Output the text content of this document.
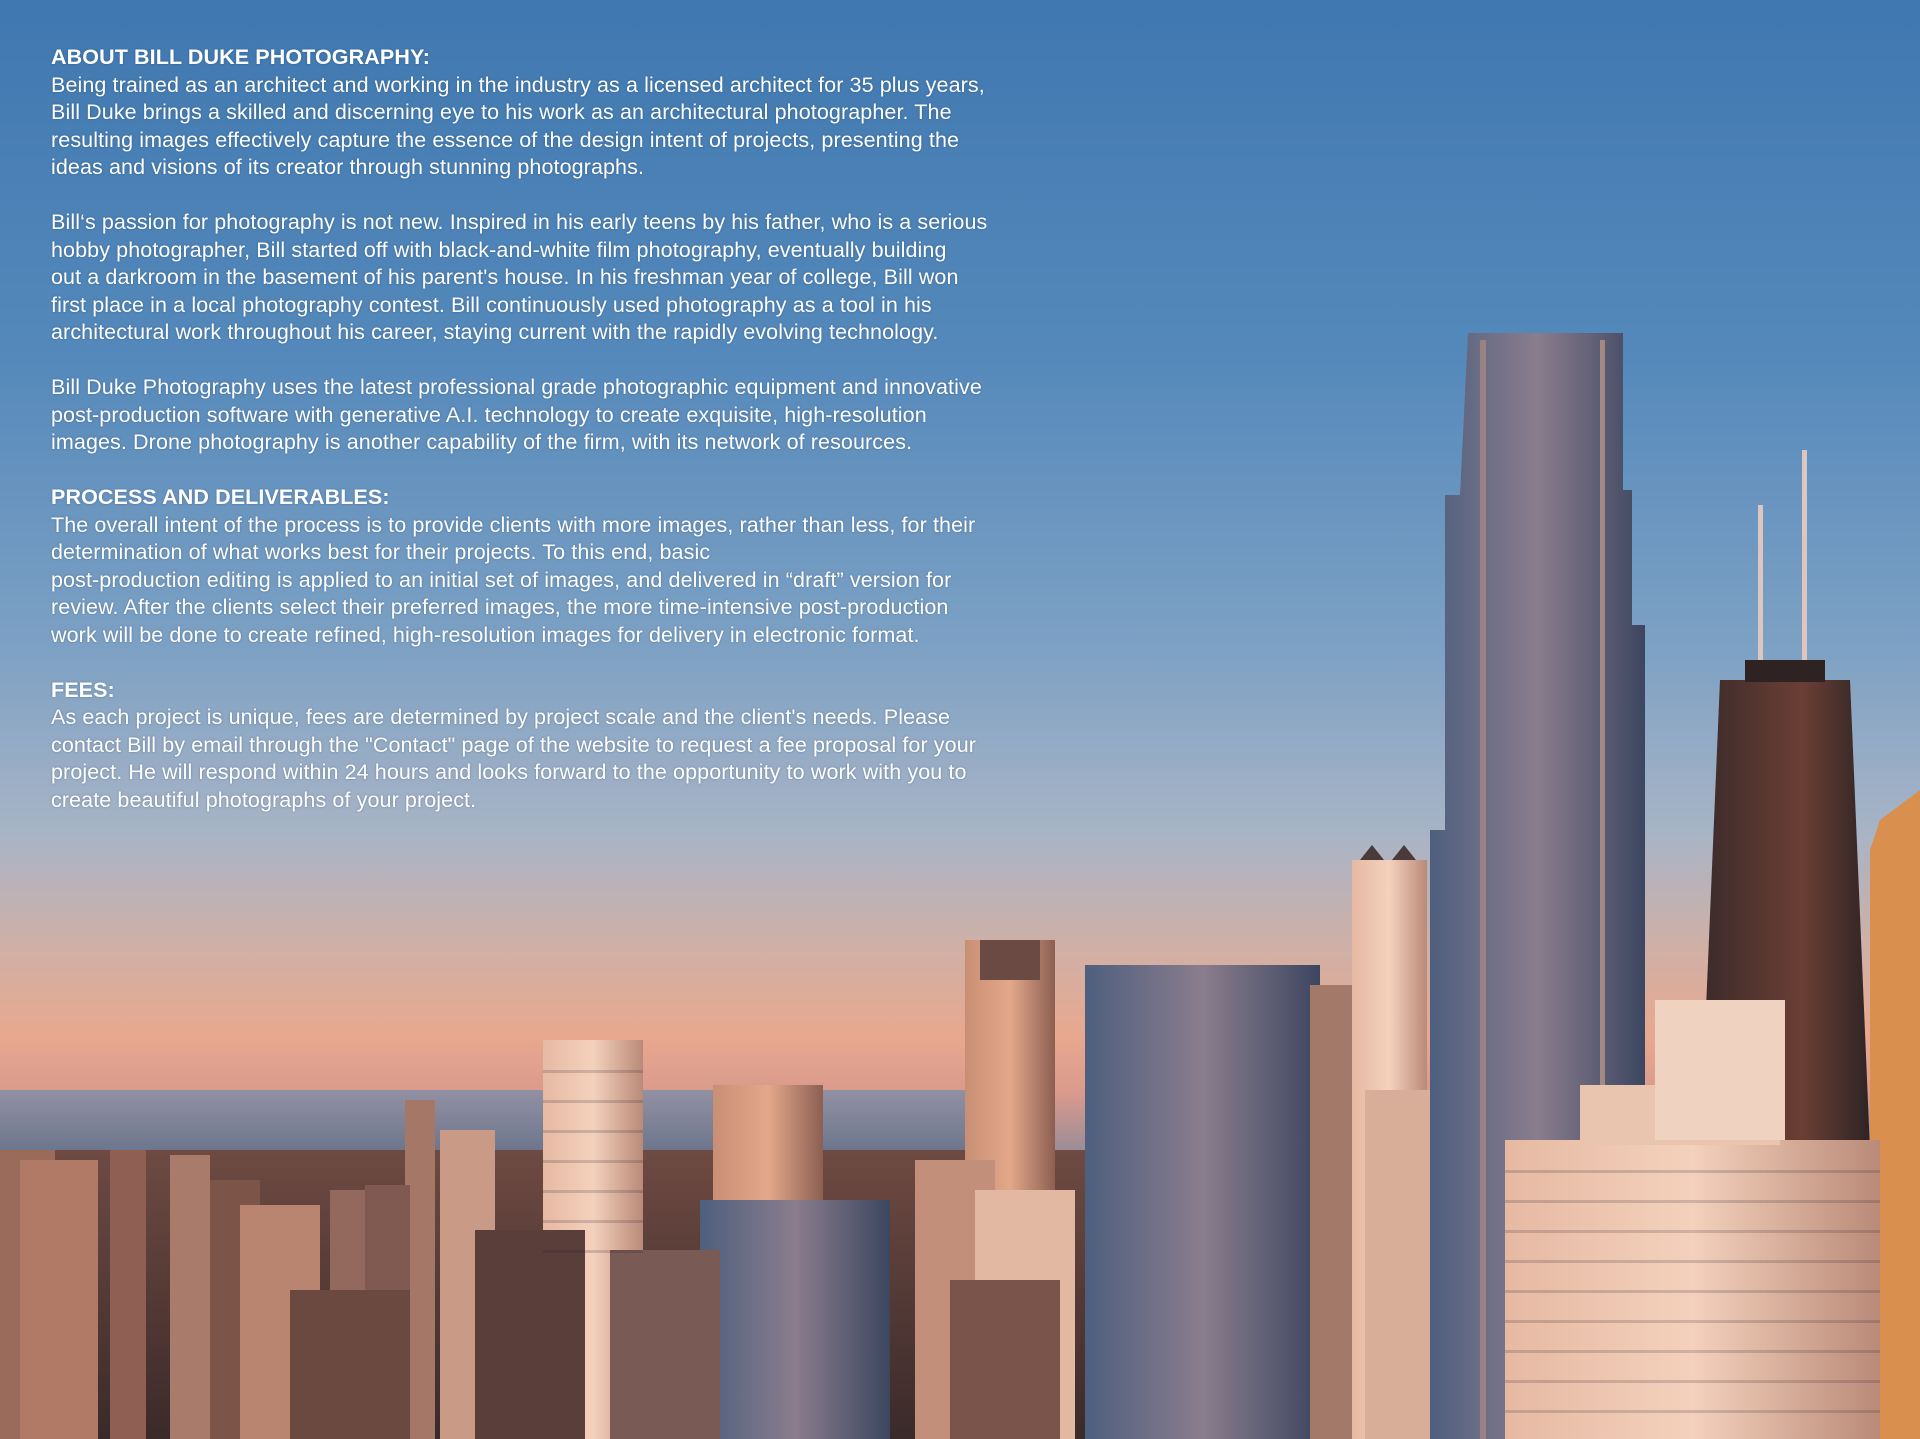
ABOUT BILL DUKE PHOTOGRAPHY:
Being trained as an architect and working in the industry as a licensed architect for 35 plus years,
Bill Duke brings a skilled and discerning eye to his work as an architectural photographer. The
resulting images effectively capture the essence of the design intent of projects, presenting the
ideas and visions of its creator through stunning photographs.
Bill‘s passion for photography is not new. Inspired in his early teens by his father, who is a serious
hobby photographer, Bill started off with black-and-white film photography, eventually building
out a darkroom in the basement of his parent's house. In his freshman year of college, Bill won
first place in a local photography contest. Bill continuously used photography as a tool in his
architectural work throughout his career, staying current with the rapidly evolving technology.
Bill Duke Photography uses the latest professional grade photographic equipment and innovative
post-production software with generative A.I. technology to create exquisite, high-resolution
images. Drone photography is another capability of the firm, with its network of resources.
PROCESS AND DELIVERABLES:
The overall intent of the process is to provide clients with more images, rather than less, for their
determination of what works best for their projects. To this end, basic
post-production editing is applied to an initial set of images, and delivered in “draft” version for
review. After the clients select their preferred images, the more time-intensive post-production
work will be done to create refined, high-resolution images for delivery in electronic format.
FEES:
As each project is unique, fees are determined by project scale and the client's needs. Please
contact Bill by email through the "Contact" page of the website to request a fee proposal for your
project. He will respond within 24 hours and looks forward to the opportunity to work with you to
create beautiful photographs of your project.
